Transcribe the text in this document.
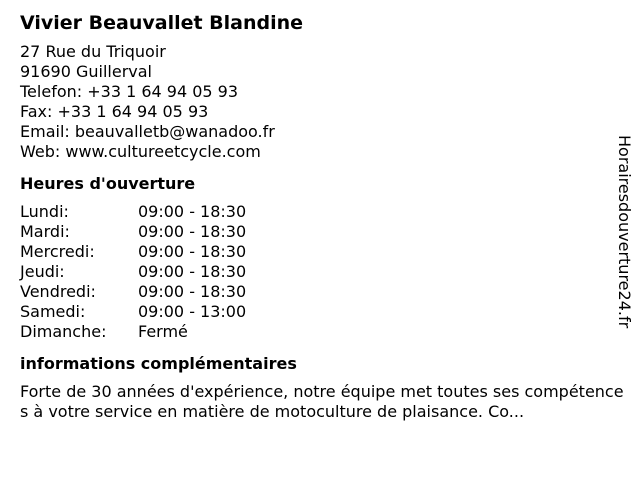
Vivier Beauvallet Blandine
27 Rue du Triquoir
91690 Guillerval
Telefon: +33 1 64 94 05 93
Fax: +33 1 64 94 05 93
Email: beauvalletb@wanadoo.fr
Web: www.cultureetcycle.com
Heures d'ouverture
Lundi:	09:00 - 18:30
Mardi:	09:00 - 18:30
Mercredi:	09:00 - 18:30
Jeudi:	09:00 - 18:30
Vendredi:	09:00 - 18:30
Samedi:	09:00 - 13:00
Dimanche:	Fermé
informations complémentaires
Forte de 30 années d'expérience, notre équipe met toutes ses compétences à votre service en matière de motoculture de plaisance. Co...
Horairesdouverture24.fr
